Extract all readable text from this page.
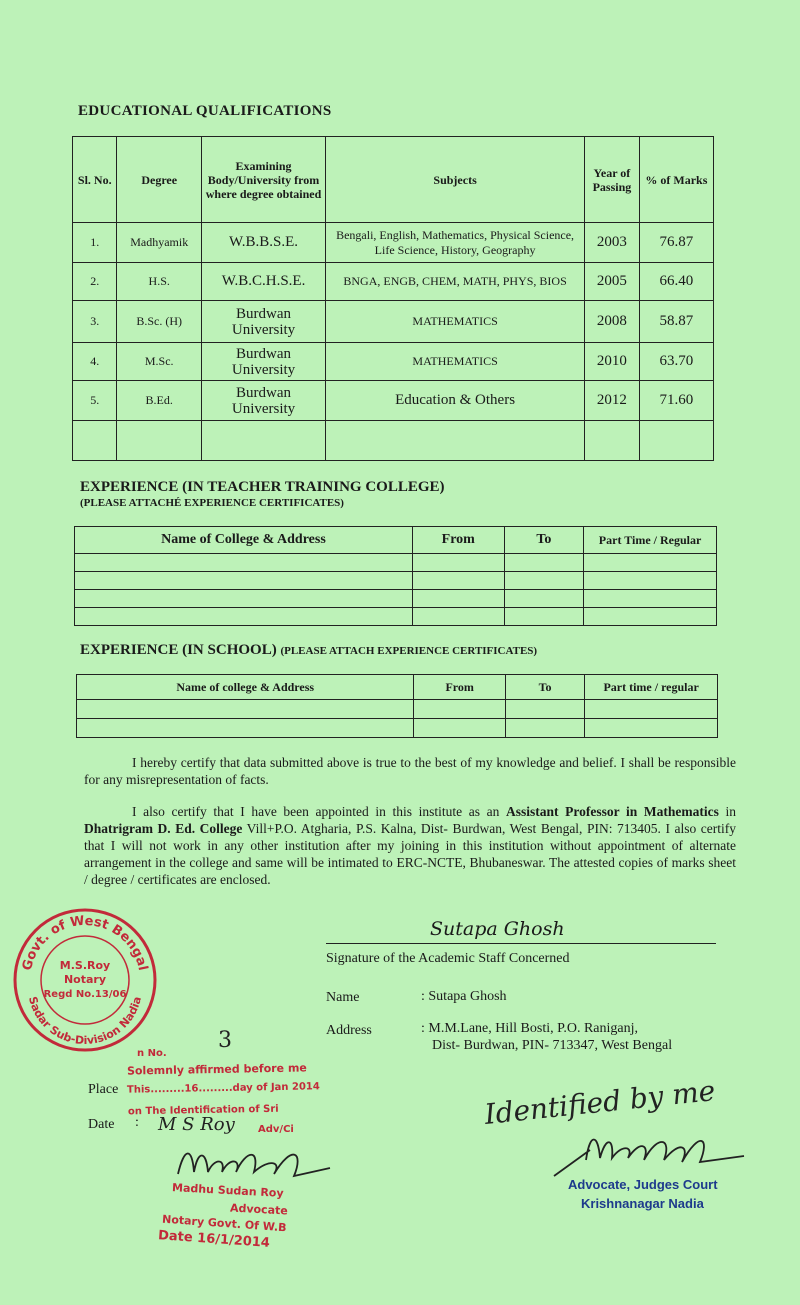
EDUCATIONAL QUALIFICATIONS
Sl. No.	Degree	Examining Body/University from where degree obtained	Subjects	Year of Passing	% of Marks
1.	Madhyamik	W.B.B.S.E.	Bengali, English, Mathematics, Physical Science, Life Science, History, Geography	2003	76.87
2.	H.S.	W.B.C.H.S.E.	BNGA, ENGB, CHEM, MATH, PHYS, BIOS	2005	66.40
3.	B.Sc. (H)	Burdwan University	MATHEMATICS	2008	58.87
4.	M.Sc.	Burdwan University	MATHEMATICS	2010	63.70
5.	B.Ed.	Burdwan University	Education & Others	2012	71.60

EXPERIENCE (IN TEACHER TRAINING COLLEGE)
(PLEASE ATTACHÉ EXPERIENCE CERTIFICATES)
Name of College & Address	From	To	Part Time / Regular

EXPERIENCE (IN SCHOOL) (PLEASE ATTACH EXPERIENCE CERTIFICATES)
Name of college & Address	From	To	Part time / regular

I hereby certify that data submitted above is true to the best of my knowledge and belief. I shall be responsible for any misrepresentation of facts.
I also certify that I have been appointed in this institute as an Assistant Professor in Mathematics in Dhatrigram D. Ed. College Vill+P.O. Atgharia, P.S. Kalna, Dist- Burdwan, West Bengal, PIN: 713405. I also certify that I will not work in any other institution after my joining in this institution without appointment of alternate arrangement in the college and same will be intimated to ERC-NCTE, Bhubaneswar. The attested copies of marks sheet / degree / certificates are enclosed.
Sutapa Ghosh
Signature of the Academic Staff Concerned
Name	: Sutapa Ghosh
Address	: M.M.Lane, Hill Bosti, P.O. Raniganj,
Dist- Burdwan, PIN- 713347, West Bengal
Place
Date :
3
Govt. of West Bengal
Sadar Sub-Division Nadia
M.S.Roy
Notary
Regd No.13/06
n No.
Solemnly affirmed before me
This.........16.........day of Jan 2014
on The Identification of Sri
M S Roy Adv/Ci
Madhu Sudan Roy
Advocate
Notary Govt. Of W.B
Date 16/1/2014
Identified by me
Advocate, Judges Court
Krishnanagar Nadia
